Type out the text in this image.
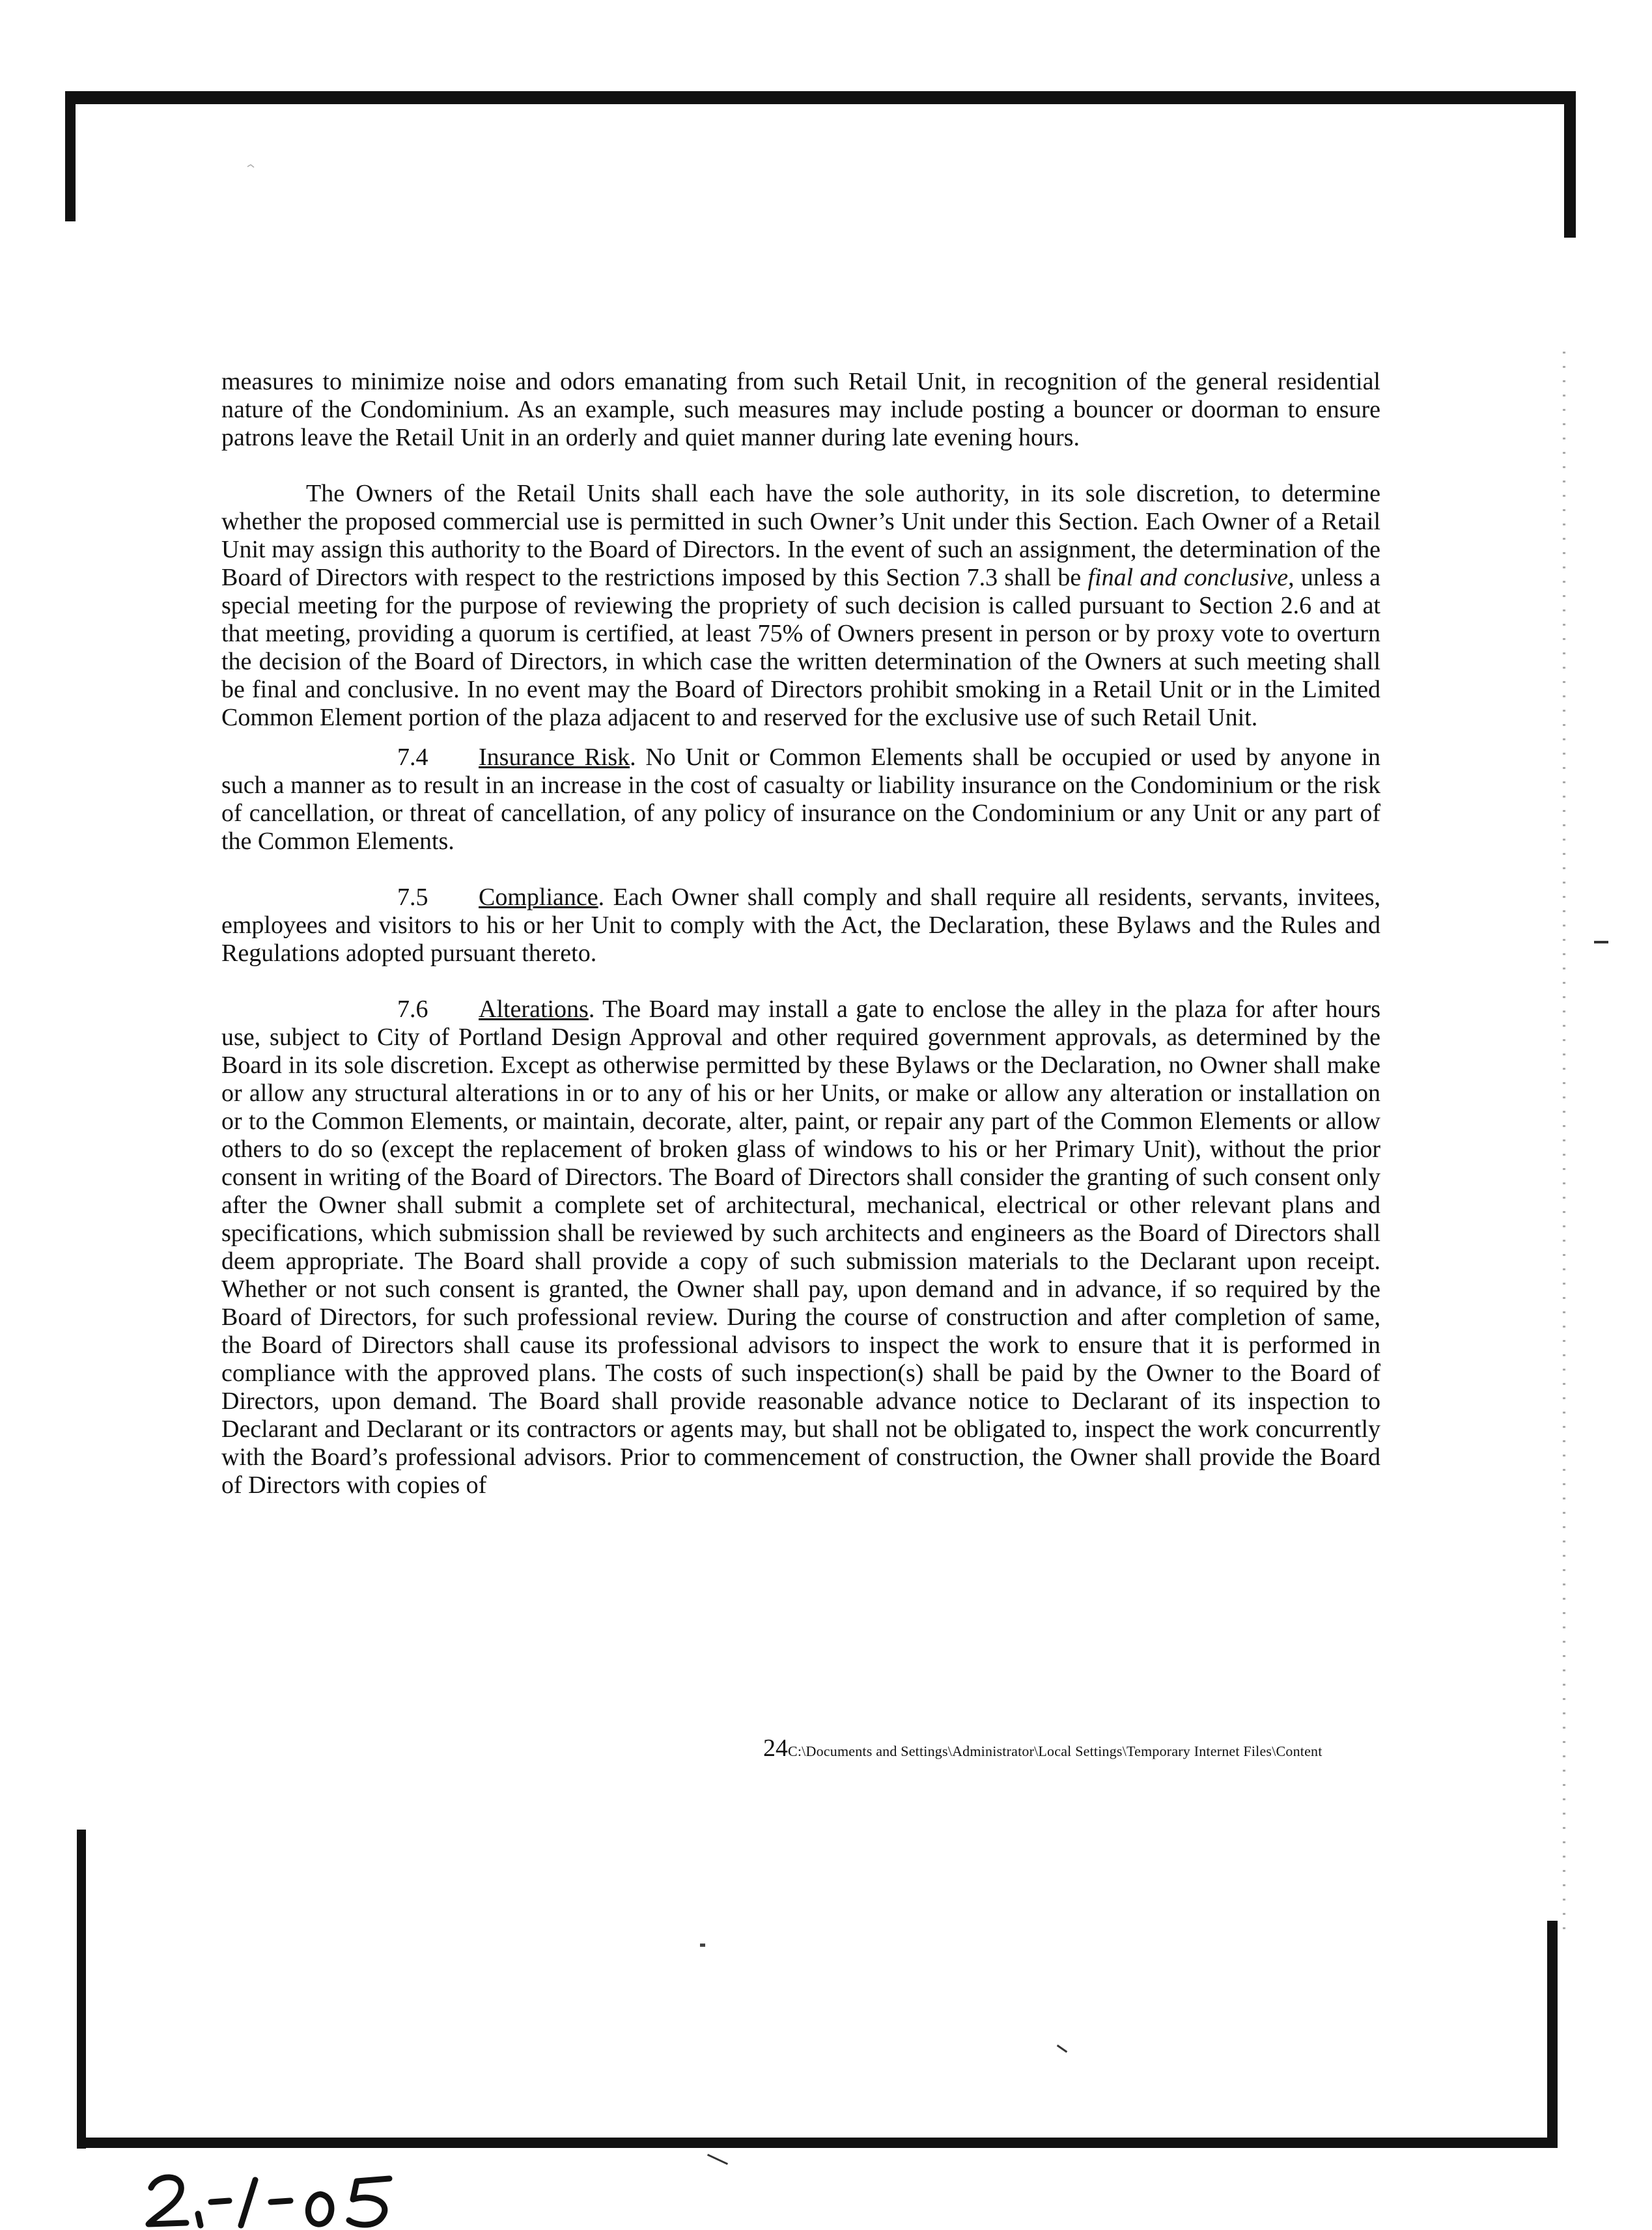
measures to minimize noise and odors emanating from such Retail Unit, in recognition of the general residential nature of the Condominium. As an example, such measures may include posting a bouncer or doorman to ensure patrons leave the Retail Unit in an orderly and quiet manner during late evening hours.

The Owners of the Retail Units shall each have the sole authority, in its sole discretion, to determine whether the proposed commercial use is permitted in such Owner’s Unit under this Section. Each Owner of a Retail Unit may assign this authority to the Board of Directors. In the event of such an assignment, the determination of the Board of Directors with respect to the restrictions imposed by this Section 7.3 shall be final and conclusive, unless a special meeting for the purpose of reviewing the propriety of such decision is called pursuant to Section 2.6 and at that meeting, providing a quorum is certified, at least 75% of Owners present in person or by proxy vote to overturn the decision of the Board of Directors, in which case the written determination of the Owners at such meeting shall be final and conclusive. In no event may the Board of Directors prohibit smoking in a Retail Unit or in the Limited Common Element portion of the plaza adjacent to and reserved for the exclusive use of such Retail Unit.

7.4 Insurance Risk. No Unit or Common Elements shall be occupied or used by anyone in such a manner as to result in an increase in the cost of casualty or liability insurance on the Condominium or the risk of cancellation, or threat of cancellation, of any policy of insurance on the Condominium or any Unit or any part of the Common Elements.

7.5 Compliance. Each Owner shall comply and shall require all residents, servants, invitees, employees and visitors to his or her Unit to comply with the Act, the Declaration, these Bylaws and the Rules and Regulations adopted pursuant thereto.

7.6 Alterations. The Board may install a gate to enclose the alley in the plaza for after hours use, subject to City of Portland Design Approval and other required government approvals, as determined by the Board in its sole discretion. Except as otherwise permitted by these Bylaws or the Declaration, no Owner shall make or allow any structural alterations in or to any of his or her Units, or make or allow any alteration or installation on or to the Common Elements, or maintain, decorate, alter, paint, or repair any part of the Common Elements or allow others to do so (except the replacement of broken glass of windows to his or her Primary Unit), without the prior consent in writing of the Board of Directors. The Board of Directors shall consider the granting of such consent only after the Owner shall submit a complete set of architectural, mechanical, electrical or other relevant plans and specifications, which submission shall be reviewed by such architects and engineers as the Board of Directors shall deem appropriate. The Board shall provide a copy of such submission materials to the Declarant upon receipt. Whether or not such consent is granted, the Owner shall pay, upon demand and in advance, if so required by the Board of Directors, for such professional review. During the course of construction and after completion of same, the Board of Directors shall cause its professional advisors to inspect the work to ensure that it is performed in compliance with the approved plans. The costs of such inspection(s) shall be paid by the Owner to the Board of Directors, upon demand. The Board shall provide reasonable advance notice to Declarant of its inspection to Declarant and Declarant or its contractors or agents may, but shall not be obligated to, inspect the work concurrently with the Board’s professional advisors. Prior to commencement of construction, the Owner shall provide the Board of Directors with copies of

24C:\Documents and Settings\Administrator\Local Settings\Temporary Internet Files\Content
